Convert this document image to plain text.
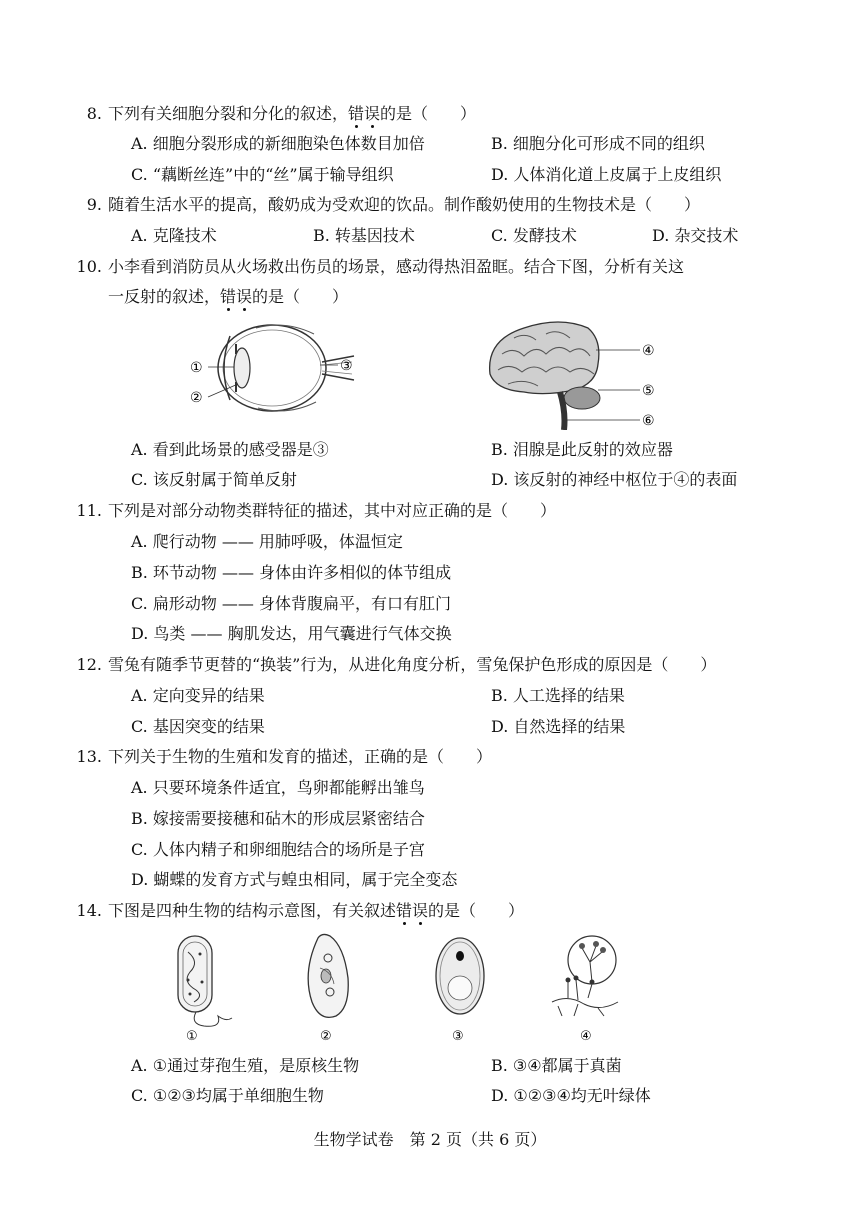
8. 下列有关细胞分裂和分化的叙述，错误的是（　　）
A. 细胞分裂形成的新细胞染色体数目加倍	B. 细胞分化可形成不同的组织
C. “藕断丝连”中的“丝”属于输导组织	D. 人体消化道上皮属于上皮组织
9. 随着生活水平的提高，酸奶成为受欢迎的饮品。制作酸奶使用的生物技术是（　　）
A. 克隆技术	B. 转基因技术	C. 发酵技术	D. 杂交技术
10. 小李看到消防员从火场救出伤员的场景，感动得热泪盈眶。结合下图，分析有关这
一反射的叙述，错误的是（　　）
①
②
③
④
⑤
⑥
A. 看到此场景的感受器是③	B. 泪腺是此反射的效应器
C. 该反射属于简单反射	D. 该反射的神经中枢位于④的表面
11. 下列是对部分动物类群特征的描述，其中对应正确的是（　　）
A. 爬行动物 —— 用肺呼吸，体温恒定
B. 环节动物 —— 身体由许多相似的体节组成
C. 扁形动物 —— 身体背腹扁平，有口有肛门
D. 鸟类 —— 胸肌发达，用气囊进行气体交换
12. 雪兔有随季节更替的“换装”行为，从进化角度分析，雪兔保护色形成的原因是（　　）
A. 定向变异的结果	B. 人工选择的结果
C. 基因突变的结果	D. 自然选择的结果
13. 下列关于生物的生殖和发育的描述，正确的是（　　）
A. 只要环境条件适宜，鸟卵都能孵出雏鸟
B. 嫁接需要接穗和砧木的形成层紧密结合
C. 人体内精子和卵细胞结合的场所是子宫
D. 蝴蝶的发育方式与蝗虫相同，属于完全变态
14. 下图是四种生物的结构示意图，有关叙述错误的是（　　）
①	②	③	④
A. ①通过芽孢生殖，是原核生物	B. ③④都属于真菌
C. ①②③均属于单细胞生物	D. ①②③④均无叶绿体
生物学试卷　第 2 页（共 6 页）
